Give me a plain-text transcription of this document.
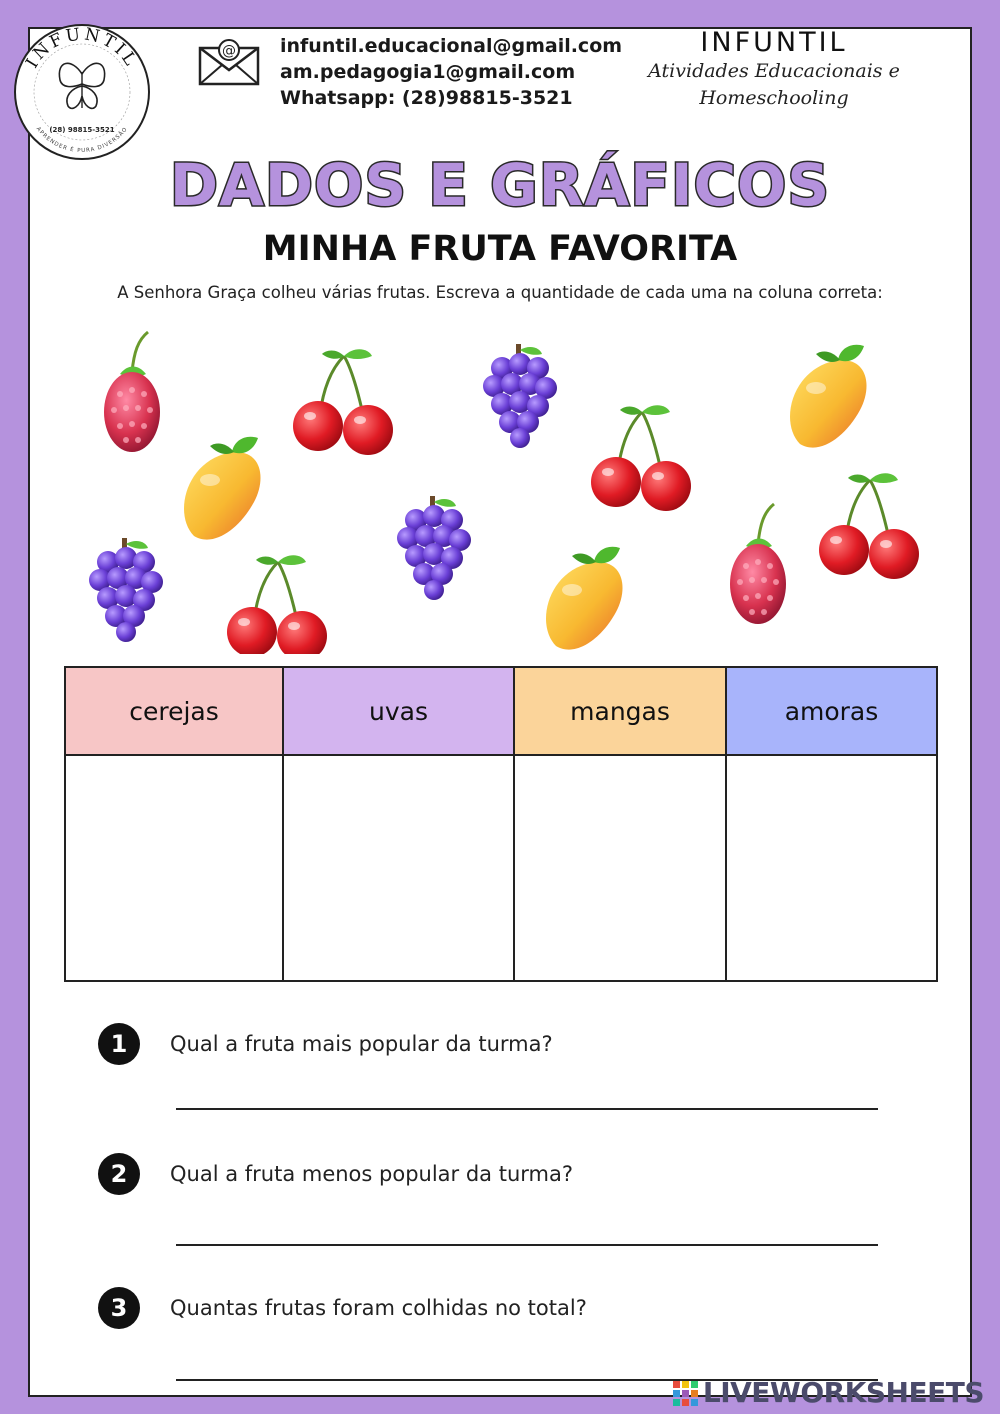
INFUNTIL
(28) 98815-3521
APRENDER É PURA DIVERSÃO
@ infuntil.educacional@gmail.com
am.pedagogia1@gmail.com
Whatsapp: (28)98815-3521
INFUNTIL
Atividades Educacionais e
Homeschooling
DADOS E GRÁFICOS
MINHA FRUTA FAVORITA
A Senhora Graça colheu várias frutas. Escreva a quantidade de cada uma na coluna correta:
cerejas	uvas	mangas	amoras

1 Qual a fruta mais popular da turma?
2 Qual a fruta menos popular da turma?
3 Quantas frutas foram colhidas no total?
LIVEWORKSHEETS
